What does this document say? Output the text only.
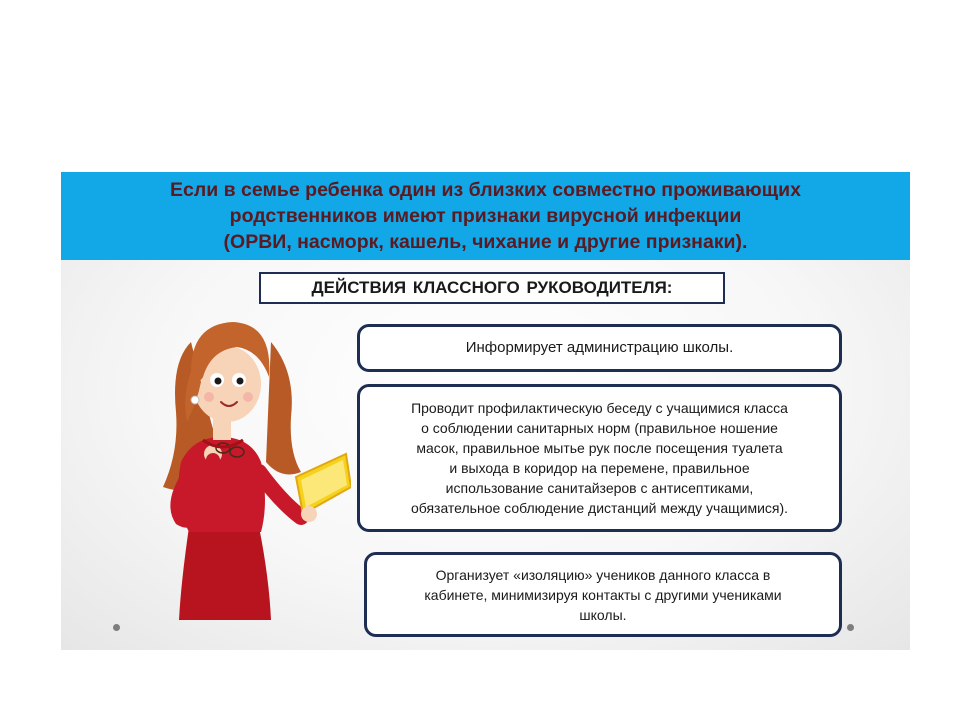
Если в семье ребенка один из близких совместно проживающих
родственников имеют признаки вирусной инфекции
(ОРВИ, насморк, кашель, чихание и другие признаки).
ДЕЙСТВИЯ КЛАССНОГО РУКОВОДИТЕЛЯ:
Информирует администрацию школы.
Проводит профилактическую беседу с учащимися класса
о соблюдении санитарных норм (правильное ношение
масок, правильное мытье рук после посещения туалета
и выхода в коридор на перемене, правильное
использование санитайзеров с антисептиками,
обязательное соблюдение дистанций между учащимися).
Организует «изоляцию» учеников данного класса в
кабинете, минимизируя контакты с другими учениками
школы.
